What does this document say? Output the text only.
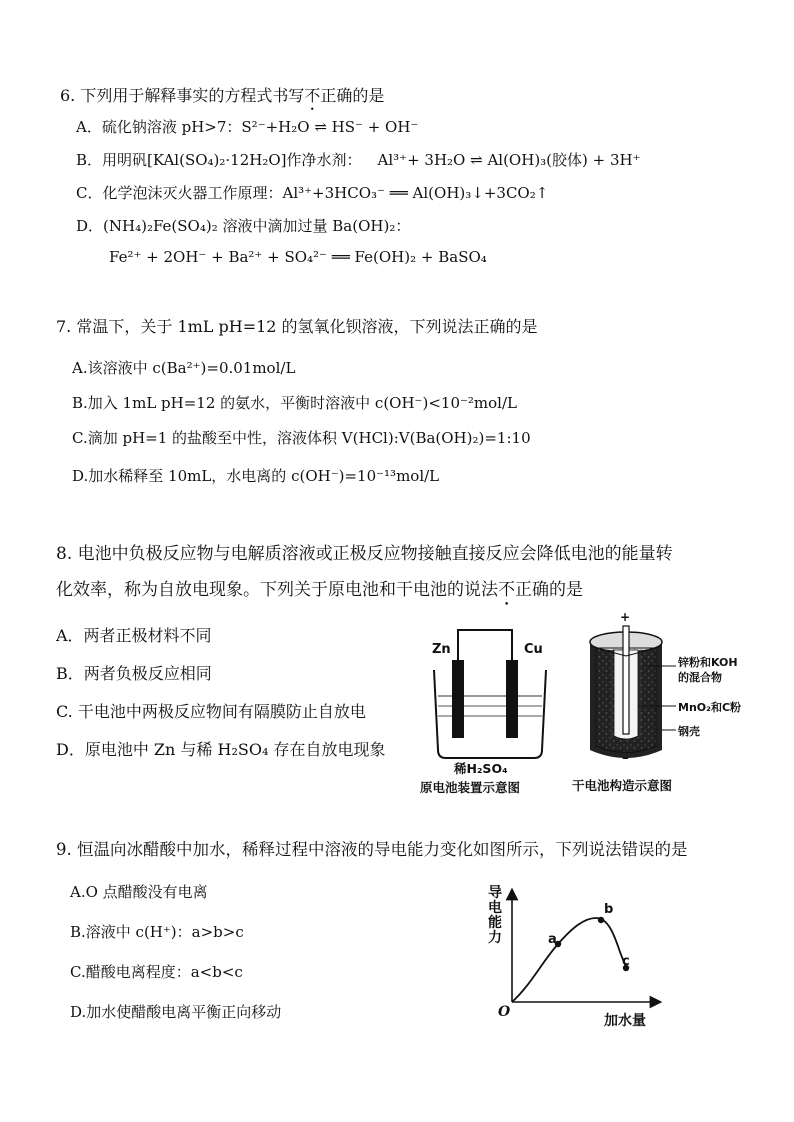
6. 下列用于解释事实的方程式书写不正确的是
A．硫化钠溶液 pH>7：S²⁻+H₂O ⇌ HS⁻ + OH⁻
B．用明矾[KAl(SO₄)₂·12H₂O]作净水剂： Al³⁺+ 3H₂O ⇌ Al(OH)₃(胶体) + 3H⁺
C．化学泡沫灭火器工作原理：Al³⁺+3HCO₃⁻ ══ Al(OH)₃↓+3CO₂↑
D．(NH₄)₂Fe(SO₄)₂ 溶液中滴加过量 Ba(OH)₂：
Fe²⁺ + 2OH⁻ + Ba²⁺ + SO₄²⁻ ══ Fe(OH)₂ + BaSO₄
7. 常温下，关于 1mL pH=12 的氢氧化钡溶液，下列说法正确的是
A.该溶液中 c(Ba²⁺)=0.01mol/L
B.加入 1mL pH=12 的氨水，平衡时溶液中 c(OH⁻)<10⁻²mol/L
C.滴加 pH=1 的盐酸至中性，溶液体积 V(HCl):V(Ba(OH)₂)=1:10
D.加水稀释至 10mL，水电离的 c(OH⁻)=10⁻¹³mol/L
8. 电池中负极反应物与电解质溶液或正极反应物接触直接反应会降低电池的能量转
化效率，称为自放电现象。下列关于原电池和干电池的说法不正确的是
A．两者正极材料不同
B．两者负极反应相同
C. 干电池中两极反应物间有隔膜防止自放电
D．原电池中 Zn 与稀 H₂SO₄ 存在自放电现象
Zn	Cu
稀H₂SO₄
原电池装置示意图
+
–
锌粉和KOH
的混合物
MnO₂和C粉
钢壳
干电池构造示意图
9. 恒温向冰醋酸中加水，稀释过程中溶液的导电能力变化如图所示，下列说法错误的是
A.O 点醋酸没有电离
B.溶液中 c(H⁺)：a>b>c
C.醋酸电离程度：a<b<c
D.加水使醋酸电离平衡正向移动
导
电
能
力
O
加水量
a
b
c
